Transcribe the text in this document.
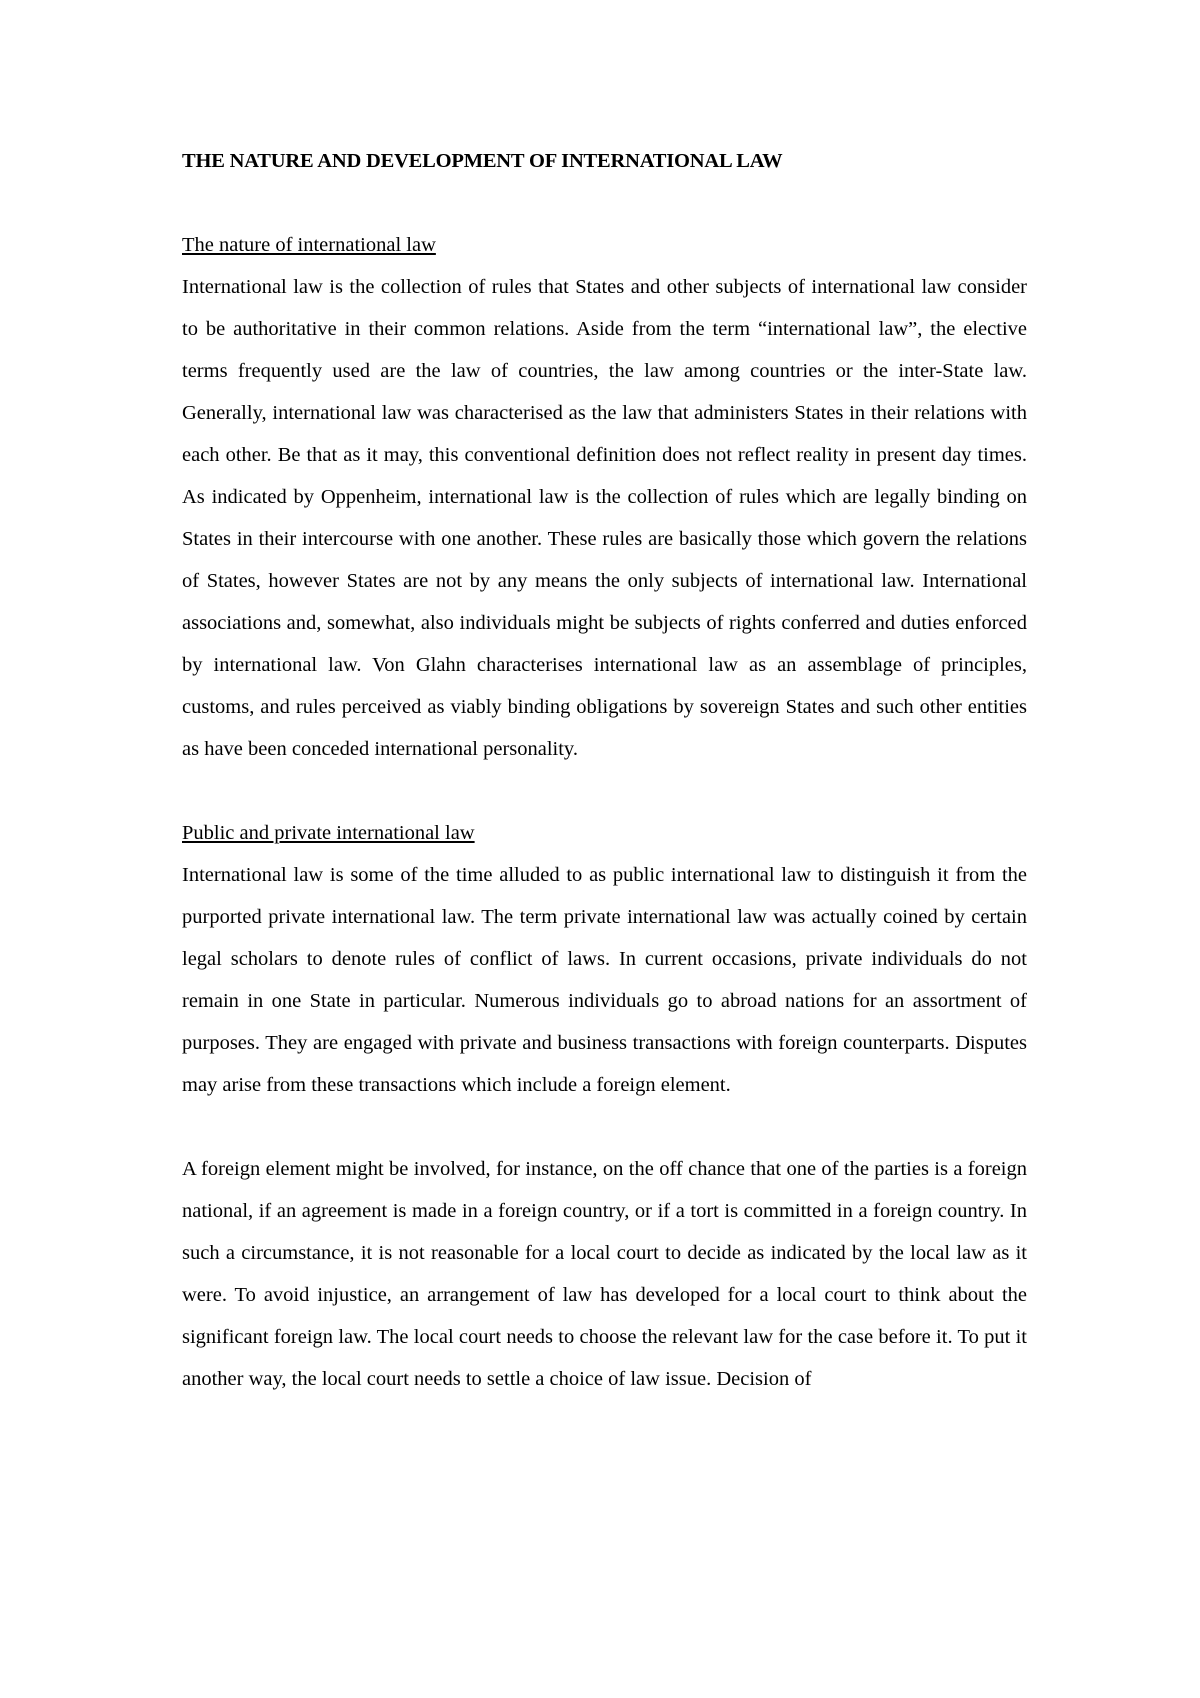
THE NATURE AND DEVELOPMENT OF INTERNATIONAL LAW

The nature of international law

International law is the collection of rules that States and other subjects of international law consider to be authoritative in their common relations. Aside from the term “international law”, the elective terms frequently used are the law of countries, the law among countries or the inter-State law. Generally, international law was characterised as the law that administers States in their relations with each other. Be that as it may, this conventional definition does not reflect reality in present day times. As indicated by Oppenheim, international law is the collection of rules which are legally binding on States in their intercourse with one another. These rules are basically those which govern the relations of States, however States are not by any means the only subjects of international law. International associations and, somewhat, also individuals might be subjects of rights conferred and duties enforced by international law. Von Glahn characterises international law as an assemblage of principles, customs, and rules perceived as viably binding obligations by sovereign States and such other entities as have been conceded international personality.

Public and private international law

International law is some of the time alluded to as public international law to distinguish it from the purported private international law. The term private international law was actually coined by certain legal scholars to denote rules of conflict of laws. In current occasions, private individuals do not remain in one State in particular. Numerous individuals go to abroad nations for an assortment of purposes. They are engaged with private and business transactions with foreign counterparts. Disputes may arise from these transactions which include a foreign element.

A foreign element might be involved, for instance, on the off chance that one of the parties is a foreign national, if an agreement is made in a foreign country, or if a tort is committed in a foreign country. In such a circumstance, it is not reasonable for a local court to decide as indicated by the local law as it were. To avoid injustice, an arrangement of law has developed for a local court to think about the significant foreign law. The local court needs to choose the relevant law for the case before it. To put it another way, the local court needs to settle a choice of law issue. Decision of
